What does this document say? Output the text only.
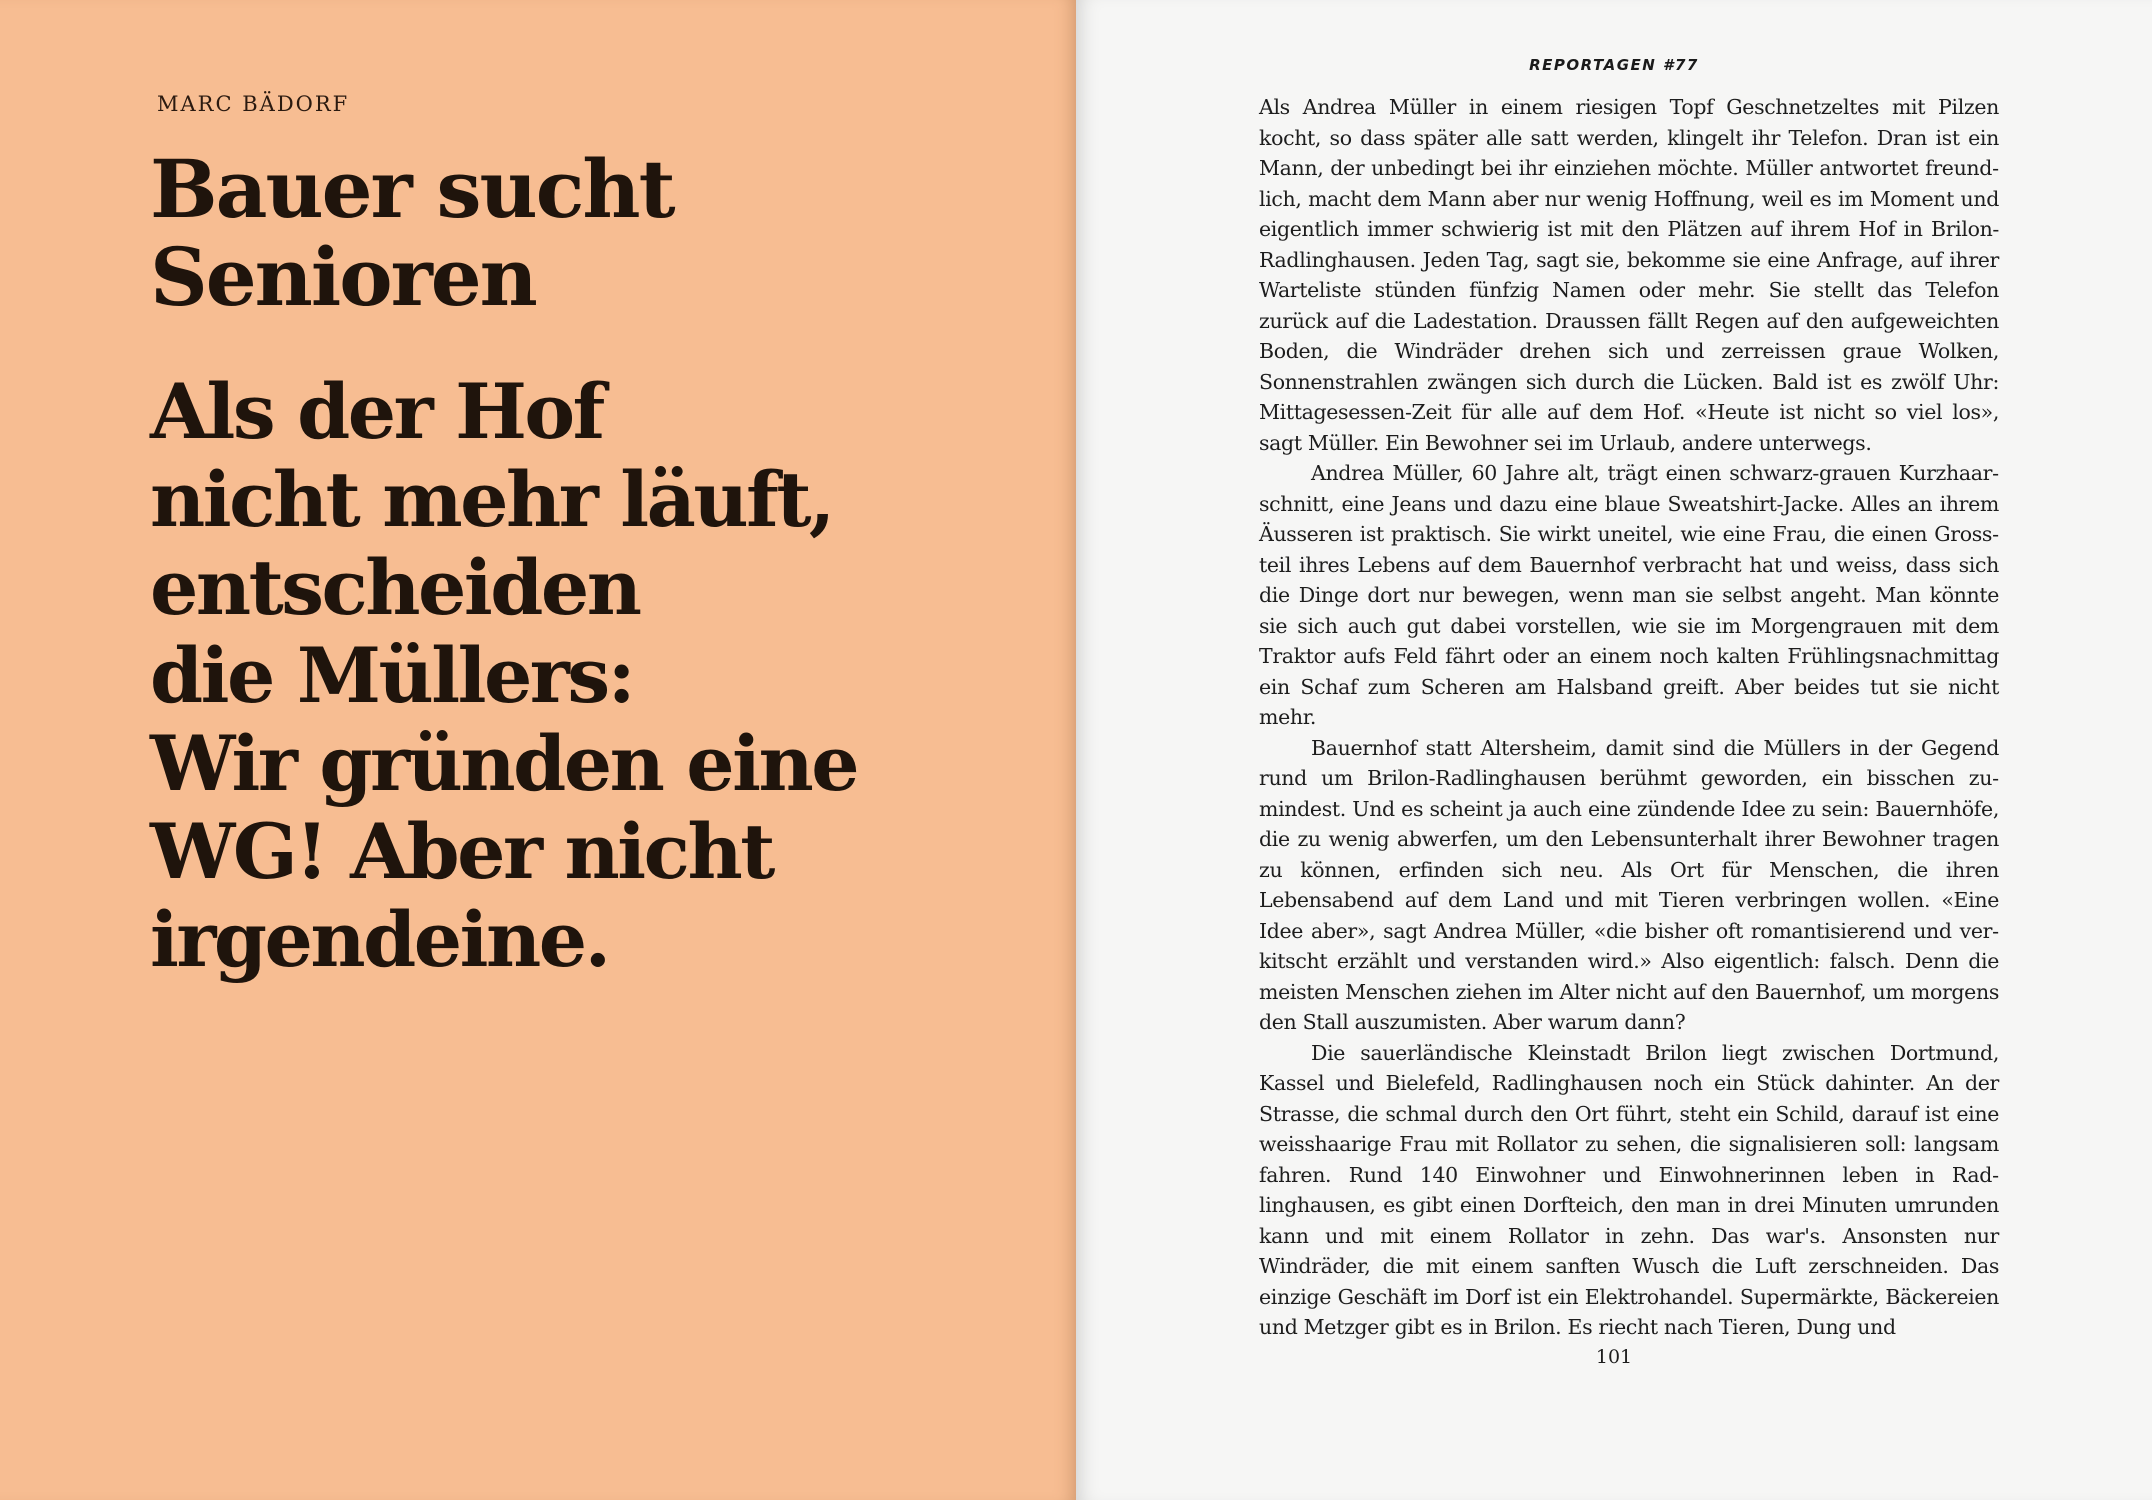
MARC BÄDORF
Bauer sucht
Senioren
Als der Hof
nicht mehr läuft,
entscheiden
die Müllers:
Wir gründen eine
WG! Aber nicht
irgendeine.
REPORTAGEN #77

Als Andrea Müller in einem riesigen Topf Geschnetzeltes mit Pilzen kocht, so dass später alle satt werden, klingelt ihr Telefon. Dran ist ein Mann, der unbedingt bei ihr einziehen möchte. Müller antwortet freundlich, macht dem Mann aber nur wenig Hoffnung, weil es im Moment und eigentlich immer schwierig ist mit den Plätzen auf ihrem Hof in Brilon-Radlinghausen. Jeden Tag, sagt sie, bekomme sie eine Anfrage, auf ihrer Warteliste stünden fünfzig Namen oder mehr. Sie stellt das Telefon zurück auf die Ladestation. Draussen fällt Regen auf den aufgeweichten Boden, die Windräder drehen sich und zerreissen graue Wolken, Sonnenstrahlen zwängen sich durch die Lücken. Bald ist es zwölf Uhr: Mittagesessen-Zeit für alle auf dem Hof. «Heute ist nicht so viel los», sagt Müller. Ein Bewohner sei im Urlaub, andere unterwegs.

Andrea Müller, 60 Jahre alt, trägt einen schwarz-grauen Kurzhaarschnitt, eine Jeans und dazu eine blaue Sweatshirt-Jacke. Alles an ihrem Äusseren ist praktisch. Sie wirkt uneitel, wie eine Frau, die einen Grossteil ihres Lebens auf dem Bauernhof verbracht hat und weiss, dass sich die Dinge dort nur bewegen, wenn man sie selbst angeht. Man könnte sie sich auch gut dabei vorstellen, wie sie im Morgengrauen mit dem Traktor aufs Feld fährt oder an einem noch kalten Frühlingsnachmittag ein Schaf zum Scheren am Halsband greift. Aber beides tut sie nicht mehr.

Bauernhof statt Altersheim, damit sind die Müllers in der Gegend rund um Brilon-Radlinghausen berühmt geworden, ein bisschen zumindest. Und es scheint ja auch eine zündende Idee zu sein: Bauernhöfe, die zu wenig abwerfen, um den Lebensunterhalt ihrer Bewohner tragen zu können, erfinden sich neu. Als Ort für Menschen, die ihren Lebensabend auf dem Land und mit Tieren verbringen wollen. «Eine Idee aber», sagt Andrea Müller, «die bisher oft romantisierend und verkitscht erzählt und verstanden wird.» Also eigentlich: falsch. Denn die meisten Menschen ziehen im Alter nicht auf den Bauernhof, um morgens den Stall auszumisten. Aber warum dann?

Die sauerländische Kleinstadt Brilon liegt zwischen Dortmund, Kassel und Bielefeld, Radlinghausen noch ein Stück dahinter. An der Strasse, die schmal durch den Ort führt, steht ein Schild, darauf ist eine weisshaarige Frau mit Rollator zu sehen, die signalisieren soll: langsam fahren. Rund 140 Einwohner und Einwohnerinnen leben in Radlinghausen, es gibt einen Dorfteich, den man in drei Minuten umrunden kann und mit einem Rollator in zehn. Das war's. Ansonsten nur Windräder, die mit einem sanften Wusch die Luft zerschneiden. Das einzige Geschäft im Dorf ist ein Elektrohandel. Supermärkte, Bäckereien und Metzger gibt es in Brilon. Es riecht nach Tieren, Dung und

101
